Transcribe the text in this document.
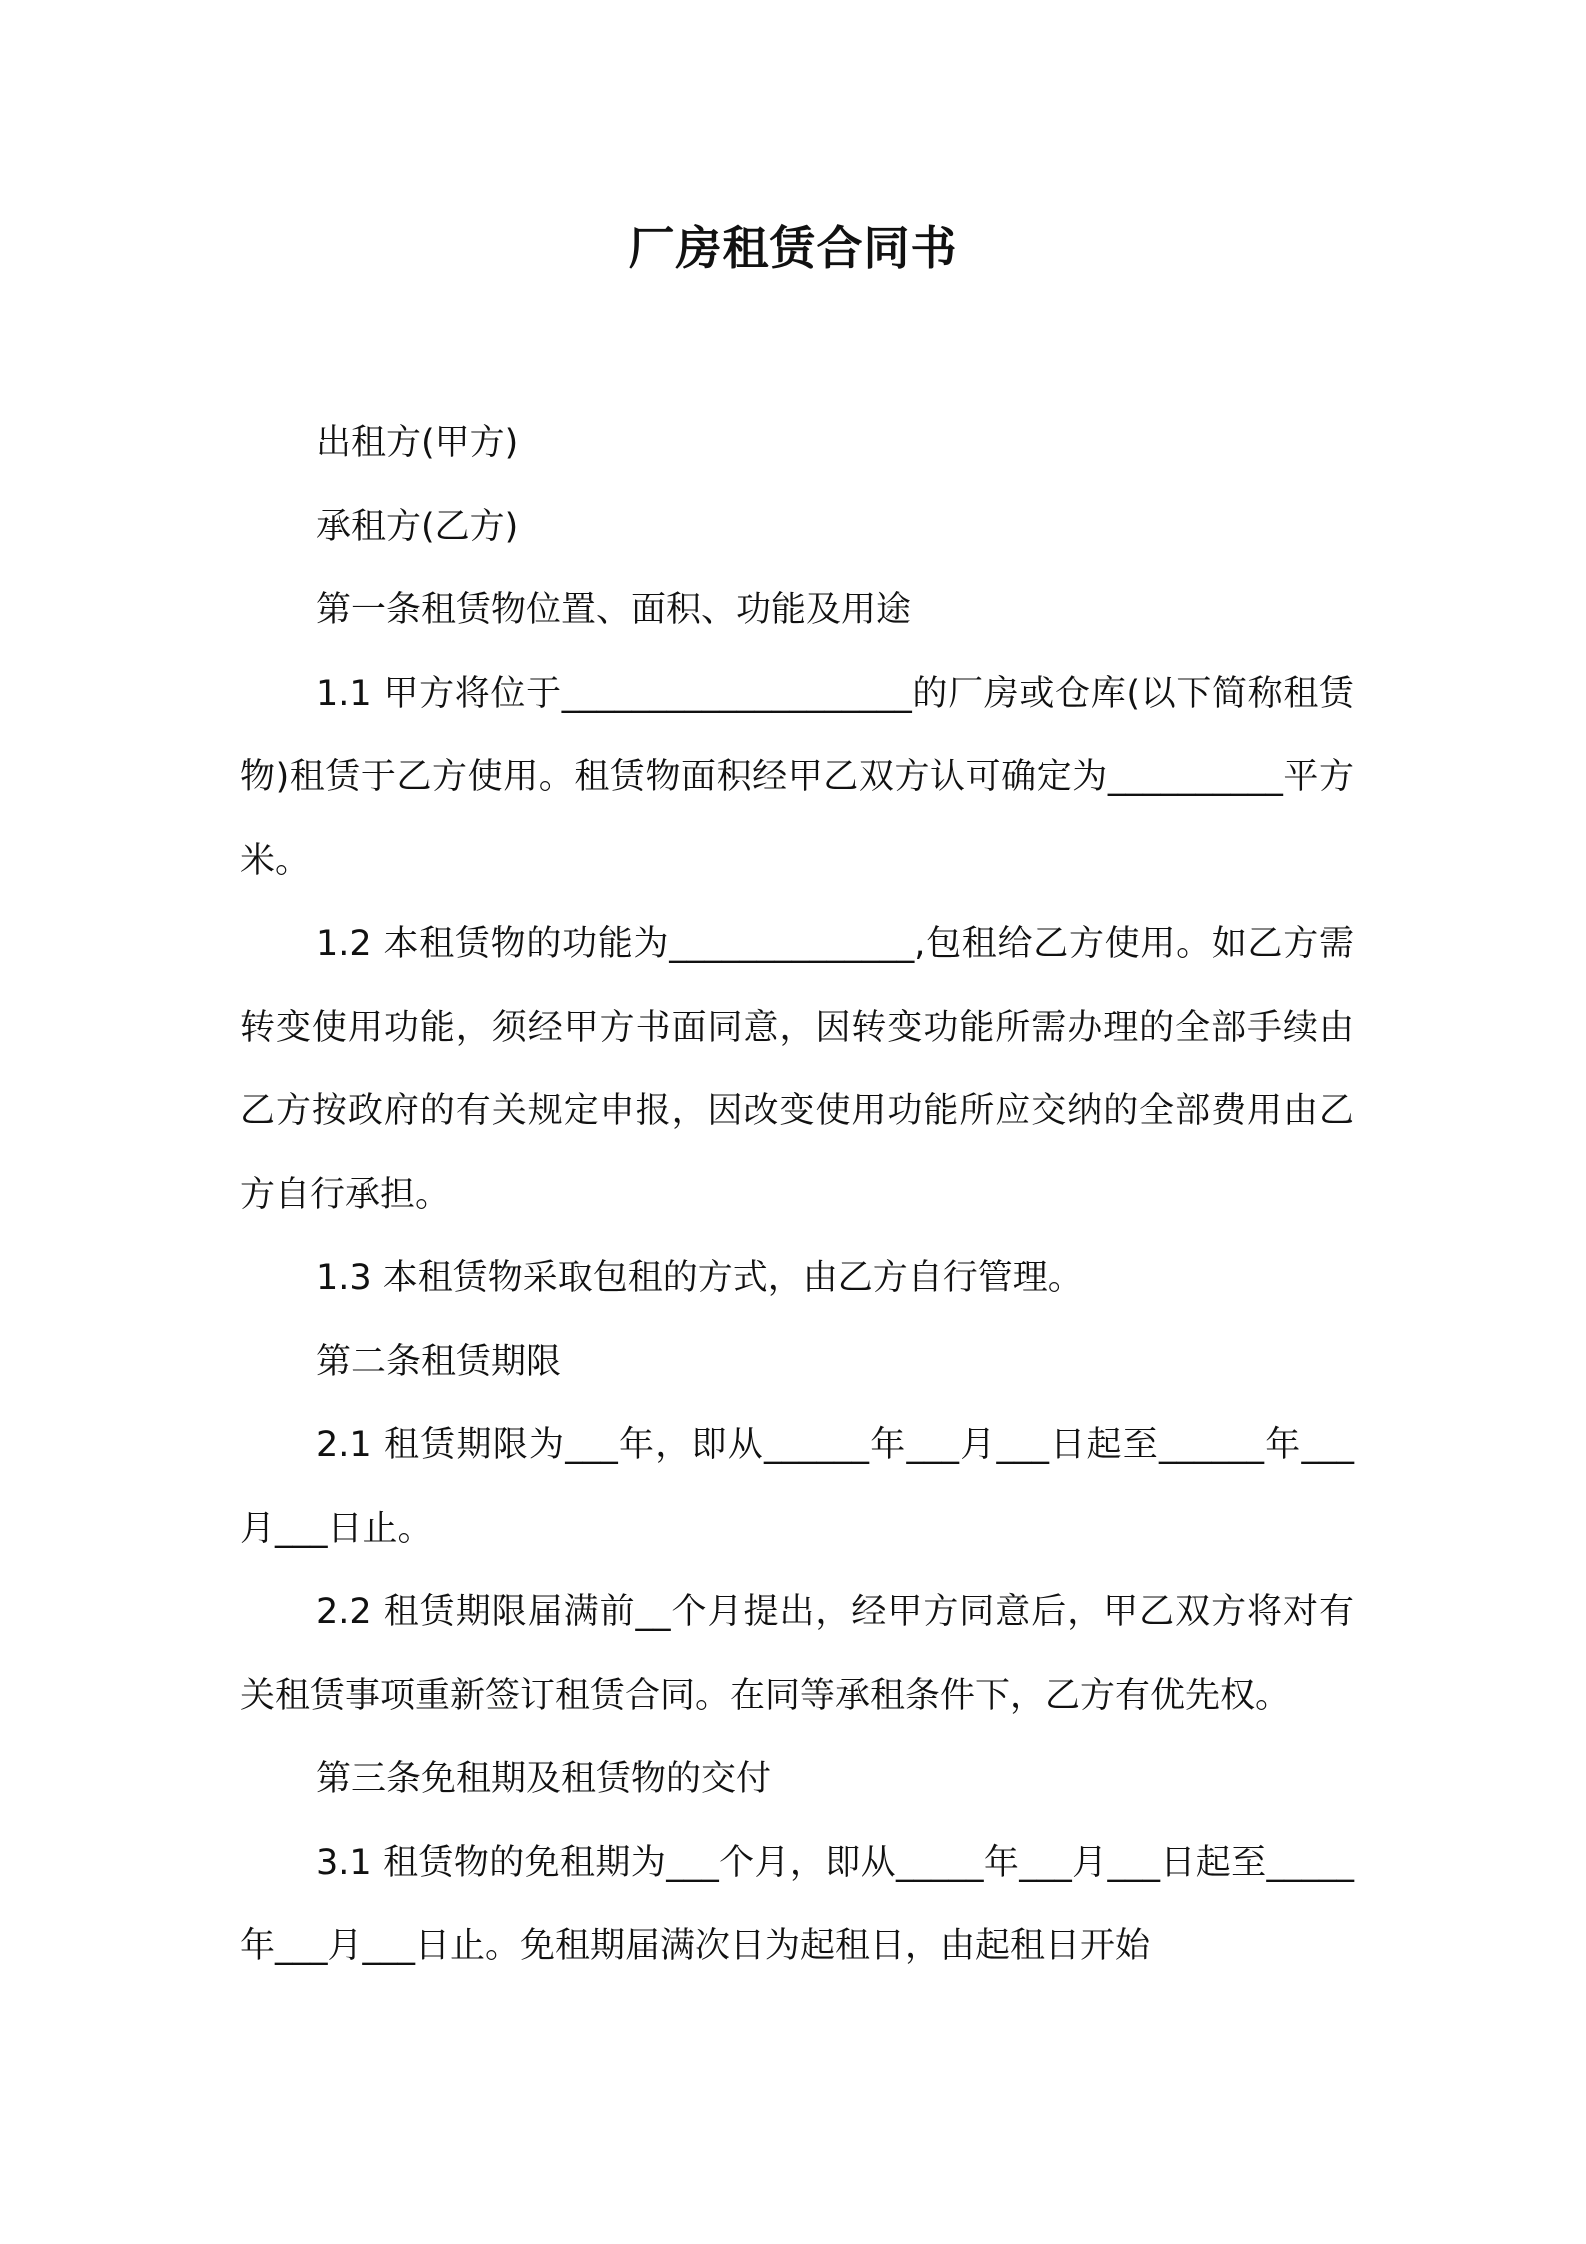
厂房租赁合同书

出租方(甲方)

承租方(乙方)

第一条租赁物位置、面积、功能及用途

1.1 甲方将位于____________________的厂房或仓库(以下简称租赁物)租赁于乙方使用。租赁物面积经甲乙双方认可确定为__________平方米。

1.2 本租赁物的功能为______________,包租给乙方使用。如乙方需转变使用功能，须经甲方书面同意，因转变功能所需办理的全部手续由乙方按政府的有关规定申报，因改变使用功能所应交纳的全部费用由乙方自行承担。

1.3 本租赁物采取包租的方式，由乙方自行管理。

第二条租赁期限

2.1 租赁期限为___年，即从______年___月___日起至______年___月___日止。

2.2 租赁期限届满前__个月提出，经甲方同意后，甲乙双方将对有关租赁事项重新签订租赁合同。在同等承租条件下，乙方有优先权。

第三条免租期及租赁物的交付

3.1 租赁物的免租期为___个月，即从_____年___月___日起至_____年___月___日止。免租期届满次日为起租日，由起租日开始
